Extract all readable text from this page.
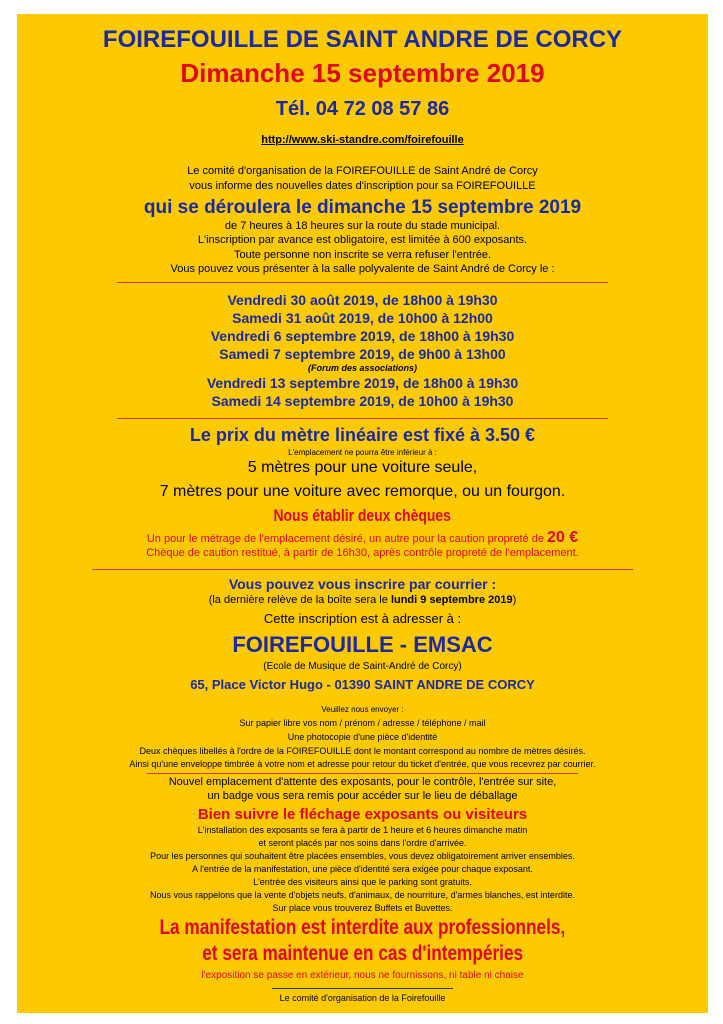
FOIREFOUILLE DE SAINT ANDRE DE CORCY
Dimanche 15 septembre 2019
Tél. 04 72 08 57 86
http://www.ski-standre.com/foirefouille
Le comité d'organisation de la FOIREFOUILLE de Saint André de Corcy
vous informe des nouvelles dates d'inscription pour sa FOIREFOUILLE
qui se déroulera le dimanche 15 septembre 2019
de 7 heures à 18 heures sur la route du stade municipal.
L'inscription par avance est obligatoire, est limitée à 600 exposants.
Toute personne non inscrite se verra refuser l'entrée.
Vous pouvez vous présenter à la salle polyvalente de Saint André de Corcy le :
Vendredi 30 août 2019, de 18h00 à 19h30
Samedi 31 août 2019, de 10h00 à 12h00
Vendredi 6 septembre 2019, de 18h00 à 19h30
Samedi 7 septembre 2019, de 9h00 à 13h00
(Forum des associations)
Vendredi 13 septembre 2019, de 18h00 à 19h30
Samedi 14 septembre 2019, de 10h00 à 19h30
Le prix du mètre linéaire est fixé à 3.50 €
L'emplacement ne pourra être inférieur à :
5 mètres pour une voiture seule,
7 mètres pour une voiture avec remorque, ou un fourgon.
Nous établir deux chèques
Un pour le métrage de l'emplacement désiré, un autre pour la caution propreté de 20 €
Chèque de caution restitué, à partir de 16h30, après contrôle propreté de l'emplacement.
Vous pouvez vous inscrire par courrier :
(la dernière relève de la boîte sera le lundi 9 septembre 2019)
Cette inscription est à adresser à :
FOIREFOUILLE - EMSAC
(Ecole de Musique de Saint-André de Corcy)
65, Place Victor Hugo - 01390 SAINT ANDRE DE CORCY
Veuillez nous envoyer :
Sur papier libre vos nom / prénom / adresse / téléphone / mail
Une photocopie d'une pièce d'identité
Deux chèques libellés à l'ordre de la FOIREFOUILLE dont le montant correspond au nombre de mètres désirés.
Ainsi qu'une enveloppe timbrée à votre nom et adresse pour retour du ticket d'entrée, que vous recevrez par courrier.
Nouvel emplacement d'attente des exposants, pour le contrôle, l'entrée sur site,
un badge vous sera remis pour accéder sur le lieu de déballage
Bien suivre le fléchage exposants ou visiteurs
L'installation des exposants se fera à partir de 1 heure et 6 heures dimanche matin
et seront placés par nos soins dans l'ordre d'arrivée.
Pour les personnes qui souhaitent être placées ensembles, vous devez obligatoirement arriver ensembles.
A l'entrée de la manifestation, une pièce d'identité sera exigée pour chaque exposant.
L'entrée des visiteurs ainsi que le parking sont gratuits.
Nous vous rappelons que la vente d'objets neufs, d'animaux, de nourriture, d'armes blanches, est interdite.
Sur place vous trouverez Buffets et Buvettes.
La manifestation est interdite aux professionnels,
et sera maintenue en cas d'intempéries
l'exposition se passe en extérieur, nous ne fournissons, ni table ni chaise
Le comité d'organisation de la Foirefouille
